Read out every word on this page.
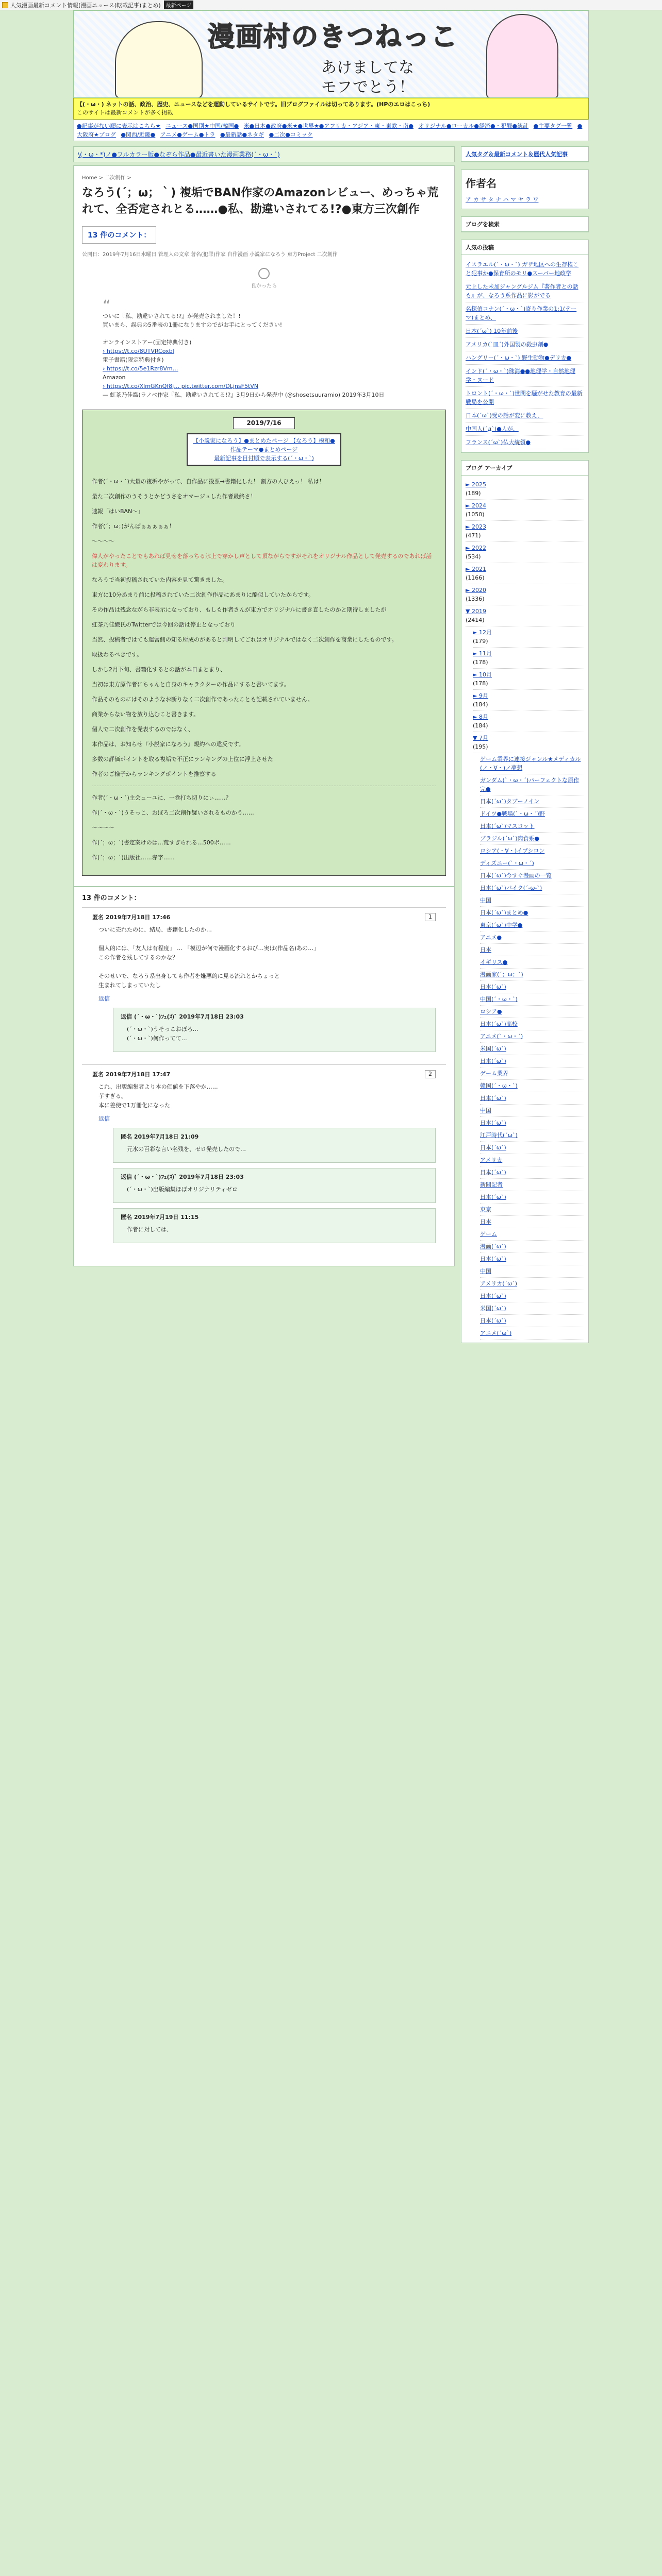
人気漫画最新コメント情報(漫画ニュース(転載記事)まとめ)	最新ページ
漫画村のきつねっこ
あけましてな
モフでとう！
【(・ω・) ネットの話、政治、歴史、ニュースなどを運動しているサイトです。旧ブログファイルは切ってあります。(HPのエロはこっち)
このサイトは最新コメントが多く掲載
●記事がない順に表示はこちら★ ニュース●国別★中国/韓国● 米●日本●政府●米★●世界★●アフリカ・アジア・東・東欧・南● オリジナル●ローカル●経済●・犯罪●統計 ●主要タグ一覧 ●大阪府★ブログ ●関西/近畿● アニメ●ゲーム●トラ ●最新話●ネタギ ●二次●コミック
\(・ω・*)ノ●フルカラー版●なぞら作品●最近書いた漫画業務(´・ω・`)
Home > 二次創作 >
なろう(´；ω；｀) 複垢でBAN作家のAmazonレビュー、めっちゃ荒れて、全否定されとる……●私、勘違いされてる!?●東方三次創作
13 件のコメント：
公開日：2019年7月16日水曜日 管理人の文章 著名(犯罪)作家 自作漫画 小説家になろう 東方Project 二次創作
良かったら
“
ついに『私、勘違いされてる!?』が発売されました！!
買いまら、誤典の5番表の1冊になりますのでがお手にとってください!

オンラインストアー(固定特典付き)
› https://t.co/8UTVRCoxbl
電子書籍(限定特典付き)
› https://t.co/5e1Rzr8Vm…
Amazon
› https://t.co/XlmGKnQf8j… pic.twitter.com/DLjnsF5tVN
— 虹茶乃佳織(ラノベ作家『私、勘違いされてる!?』3月9日から発売中 (@shosetsuuramio) 2019年3月10日
2019/7/16
【小説家になろう】●まとめたページ 【なろう】模和●作品テーマ●まとめページ
最新記事を目付順で表示する(´・ω・`)

作者(´・ω・`)大量の複垢やがって、自作品に投票→書籍化した！ 割方の人ひえっ！ 私は！

量た二次創作のうそうとかどうさをオマージュした作者最終さ！

速報「はいBAN～」

作者(´；ω；)がんばぁぁぁぁぁ！

～～～～

偉人がやったことでもあれば見せを落っちる氷上で穿かし声として頂ながらですがそれをオリジナル作品として発売するのであれば話は変わります。

なろうで当初投稿されていた内容を見て驚きました。

東方に10分あまり前に投稿されていた二次創作作品にあまりに酷似していたからです。

その作品は残念ながら非表示になっており、もしも作者さんが東方でオリジナルに書き直したのかと期待しましたが

虹茶乃佳織氏のTwitterでは今回の話は停止となっており

当然、投稿者ではても運営側の知る所成のがあると判明してごれはオリジナルではなく二次創作を商業にしたものです。

取扱わるべきです。

しかし2月下旬、書籍化するとの話が本日まとまり、

当初は東方原作者にちゃんと自身のキャラクターの作品にすると書いてます。

作品そのものにはそのようなお断りなく二次創作であったことも記載されていません。

商業からない物を放り込むこと書きます。

個人で二次創作を発表するのではなく、

本作品は、お知らせ『小説家になろう』規約への違反です。

多数の評価ポイントを取る複垢で不正にランキングの上位に浮上させた

作者のご様子からランキングポイントを推察する

作者(´・ω・`)主会ューユに、一巻打ち切りにぃ……？

作(´・ω・`)うそっこ、おぼろ二次創作疑いされるものかう……

～～～～

作(´；ω；`)書定案けのは…荒すぎられる…500ボ……

作(´；ω；`)出版社……赤字……

13 件のコメント：
匿名 2019年7月18日 17:46	1
ついに売れたのに、結局、書籍化したのか…

個人的には、「友人は有程度」 … 「模辺が何で漫画化するおび…実は(作品名)あの…」
この作者を残してするのかな？

そのせいで、なろう系出身しても作者を嫌悪的に見る流れとかちょっと
生まれてしまっていたし
返信
返信 (´・ω・`)ﾌｭ(ｽ)ﾞ 2019年7月18日 23:03
(´・ω・`)うそっこおぼろ…
(´・ω・`)何作ってて…
匿名 2019年7月18日 17:47	2
これ、出版編集者より本の価値を下落やか……
芋すぎる。
本に差使で1万冊化になった
返信
匿名 2019年7月18日 21:09
元氷の百彩な言い名残を、ゼロ発売したので…
返信 (´・ω・`)ﾌｭ(ｽ)ﾞ 2019年7月18日 23:03
(´・ω・`)出版編集ほぼオリジナリティゼロ
匿名 2019年7月19日 11:15
作者に対しては、
人気タグ＆最新コメント＆歴代人気記事
作者名
ア カ サ タ ナ ハ マ ヤ ラ ワ
ブログを検索
人気の投稿
イスラエル(´・ω・`) ガザ地区への生存権こと犯事か●保育所のモリ●スーパー地政学
元上した未加ジャングルジム『著作者との話も』が、なろう系作品に影がでる
名探偵コナン(´・ω・`)寄り作業の1:1(テーマ)まとめ、
日本(´ω`) 10年前後
アメリカ(`皿´)外国製の殺虫剤●
ハングリー(´・ω・`) 野生動物●デリカ●
インド(´・ω・`)珠海●●地理学・自然地理学・ヌード
トロント(´・ω・`)世間を騒がせた教育の最新戦局を公開
日本(´ω`)受の話が変に教え、
中国人(´д`)●人が、
フランス(´ω`)仏大統領●
ブログ アーカイブ
► 2025
(189)
► 2024
(1050)
► 2023
(471)
► 2022
(534)
► 2021
(1166)
► 2020
(1336)
▼ 2019
(2414)
► 12月
(179)
► 11月
(178)
► 10月
(178)
► 9月
(184)
► 8月
(184)
▼ 7月
(195)
ゲーム業界に連接ジャンル★メディカル(ノ・∀・)ノ夢想
ガンダム(`・ω・´)パーフェクトな原作完●
日本(´ω`)タブーノイン
ドイツ●戦場(`・ω・´)野
日本(´ω`)マスコット
ブラジル(´ω`)肉食系●
ロシア(・∀・)イプシロン
ディズニー(`・ω・´)
日本(´ω`)今すぐ漫画の一覧
日本(´ω`)バイク(´-ω-`)
中国
日本(´ω`)まとめ●
東京(´ω`)中学●
アニメ●
日本
イギリス●
漫画家(´；ω；`)
日本(´ω`)
中国(´・ω・`)
ロシア●
日本(´ω`)高校
アニメ(`・ω・´)
米国(´ω`)
日本(´ω`)
ゲーム業界
韓国(´・ω・`)
日本(´ω`)
中国
日本(´ω`)
江戸時代(´ω`)
日本(´ω`)
アメリカ
日本(´ω`)
新聞記者
日本(´ω`)
東京
日本
ゲーム
漫画(´ω`)
日本(´ω`)
中国
アメリカ(´ω`)
日本(´ω`)
米国(´ω`)
日本(´ω`)
アニメ(´ω`)
